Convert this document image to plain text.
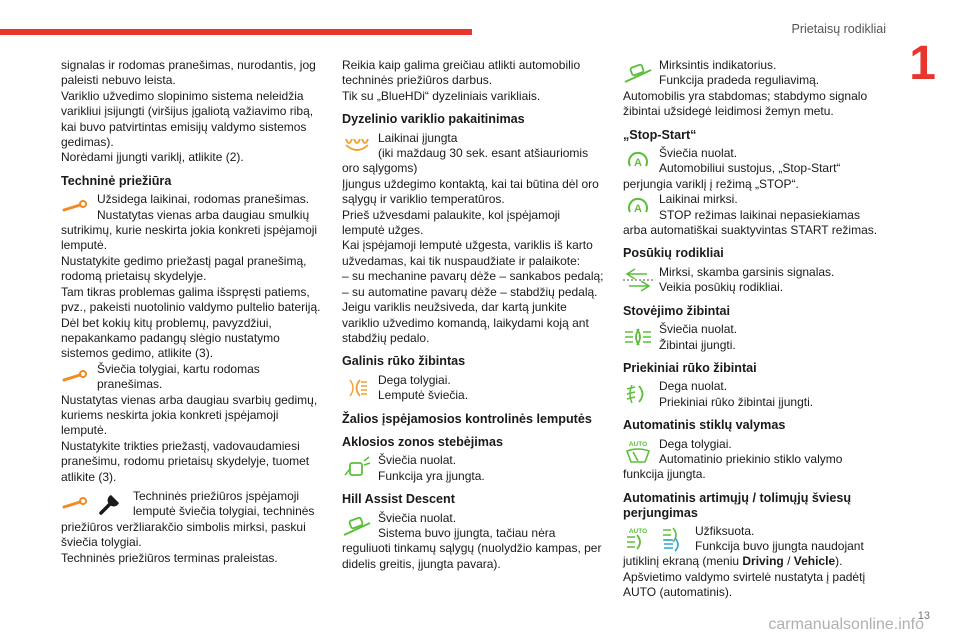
Prietaisų rodikliai
1

signalas ir rodomas pranešimas, nurodantis, jog paleisti nebuvo leista.

Variklio užvedimo slopinimo sistema neleidžia varikliui įsijungti (viršijus įgaliotą važiavimo ribą, kai buvo patvirtintas emisijų valdymo sistemos gedimas).

Norėdami įjungti variklį, atlikite (2).

Techninė priežiūra
Užsidega laikinai, rodomas pranešimas.
Nustatytas vienas arba daugiau smulkių

sutrikimų, kurie neskirta jokia konkreti įspėjamoji lemputė.

Nustatykite gedimo priežastį pagal pranešimą, rodomą prietaisų skydelyje.

Tam tikras problemas galima išspręsti patiems, pvz., pakeisti nuotolinio valdymo pultelio bateriją.

Dėl bet kokių kitų problemų, pavyzdžiui, nepakankamo padangų slėgio nustatymo sistemos gedimo, atlikite (3).

Šviečia tolygiai, kartu rodomas
pranešimas.

Nustatytas vienas arba daugiau svarbių gedimų, kuriems neskirta jokia konkreti įspėjamoji lemputė.

Nustatykite trikties priežastį, vadovaudamiesi pranešimu, rodomu prietaisų skydelyje, tuomet atlikite (3).

Techninės priežiūros įspėjamoji
lemputė šviečia tolygiai, techninės

priežiūros veržliarakčio simbolis mirksi, paskui šviečia tolygiai.

Techninės priežiūros terminas praleistas.

Reikia kaip galima greičiau atlikti automobilio techninės priežiūros darbus.

Tik su „BlueHDi“ dyzeliniais varikliais.

Dyzelinio variklio pakaitinimas
Laikinai įjungta
(iki maždaug 30 sek. esant atšiauriomis

oro sąlygoms)

Įjungus uždegimo kontaktą, kai tai būtina dėl oro sąlygų ir variklio temperatūros.

Prieš užvesdami palaukite, kol įspėjamoji lemputė užges.

Kai įspėjamoji lemputė užgesta, variklis iš karto užvedamas, kai tik nuspaudžiate ir palaikote:

– su mechanine pavarų dėže – sankabos pedalą;

– su automatine pavarų dėže – stabdžių pedalą.

Jeigu variklis neužsiveda, dar kartą junkite variklio užvedimo komandą, laikydami koją ant stabdžių pedalo.

Galinis rūko žibintas
Dega tolygiai.
Lemputė šviečia.
Žalios įspėjamosios kontrolinės lemputės
Aklosios zonos stebėjimas
Šviečia nuolat.
Funkcija yra įjungta.
Hill Assist Descent
Šviečia nuolat.
Sistema buvo įjungta, tačiau nėra

reguliuoti tinkamų sąlygų (nuolydžio kampas, per didelis greitis, įjungta pavara).

Mirksintis indikatorius.
Funkcija pradeda reguliavimą.

Automobilis yra stabdomas; stabdymo signalo žibintai užsidegė leidimosi žemyn metu.

„Stop-Start“
A
Šviečia nuolat.
Automobiliui sustojus, „Stop-Start“

perjungia variklį į režimą „STOP“.

A
Laikinai mirksi.
STOP režimas laikinai nepasiekiamas

arba automatiškai suaktyvintas START režimas.

Posūkių rodikliai
Mirksi, skamba garsinis signalas.
Veikia posūkių rodikliai.
Stovėjimo žibintai
Šviečia nuolat.
Žibintai įjungti.
Priekiniai rūko žibintai
Dega nuolat.
Priekiniai rūko žibintai įjungti.
Automatinis stiklų valymas
AUTO Dega tolygiai.
Automatinio priekinio stiklo valymo

funkcija įjungta.

Automatinis artimųjų / tolimųjų šviesų
perjungimas
AUTO	Užfiksuota.
Funkcija buvo įjungta naudojant

jutiklinį ekraną (meniu Driving / Vehicle).

Apšvietimo valdymo svirtelė nustatyta į padėtį AUTO (automatinis).

13
carmanualsonline.info
